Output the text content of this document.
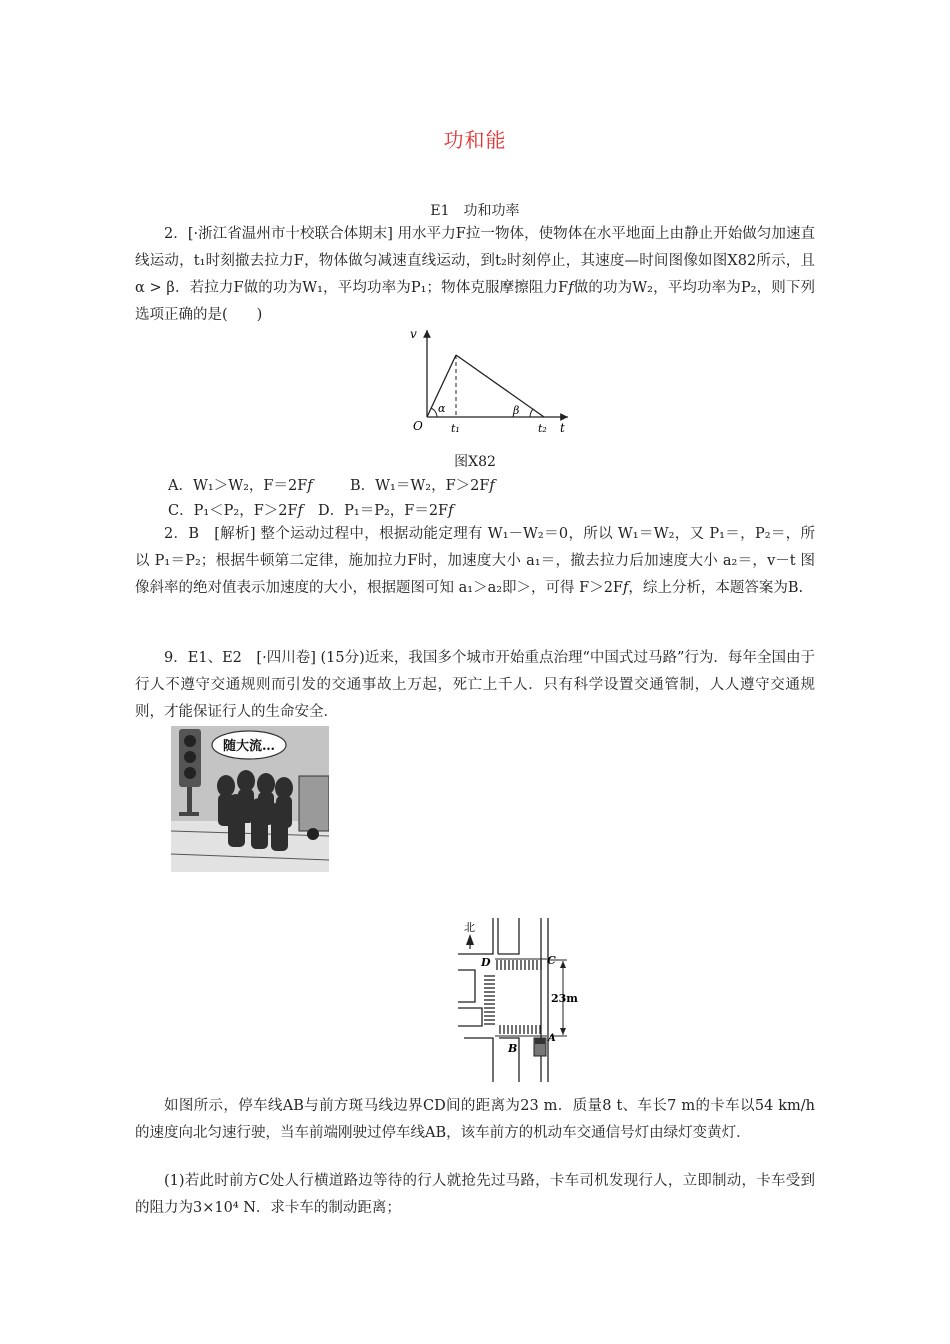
功和能
E1　功和功率

2．[·浙江省温州市十校联合体期末] 用水平力F拉一物体，使物体在水平地面上由静止开始做匀加速直线运动，t₁时刻撤去拉力F，物体做匀减速直线运动，到t₂时刻停止，其速度—时间图像如图X82所示，且 α > β．若拉力F做的功为W₁，平均功率为P₁；物体克服摩擦阻力F𝑓做的功为W₂，平均功率为P₂，则下列选项正确的是(　　)

v
O
α	β
t₁	t₂ t
图X82
A．W₁＞W₂，F＝2F𝑓	B．W₁＝W₂，F＞2F𝑓
C．P₁＜P₂，F＞2F𝑓 D．P₁＝P₂，F＝2F𝑓

2．B　[解析] 整个运动过程中，根据动能定理有 W₁－W₂＝0，所以 W₁＝W₂，又 P₁＝，P₂＝，所以 P₁＝P₂；根据牛顿第二定律，施加拉力F时，加速度大小 a₁＝，撤去拉力后加速度大小 a₂＝，v－t 图像斜率的绝对值表示加速度的大小，根据题图可知 a₁＞a₂即＞，可得 F＞2F𝑓，综上分析，本题答案为B.

9．E1、E2　[·四川卷] (15分)近来，我国多个城市开始重点治理“中国式过马路”行为．每年全国由于行人不遵守交通规则而引发的交通事故上万起，死亡上千人．只有科学设置交通管制，人人遵守交通规则，才能保证行人的生命安全．

随大流…
北
D	C
B
A
23m

如图所示，停车线AB与前方斑马线边界CD间的距离为23 m．质量8 t、车长7 m的卡车以54 km/h的速度向北匀速行驶，当车前端刚驶过停车线AB，该车前方的机动车交通信号灯由绿灯变黄灯．

(1)若此时前方C处人行横道路边等待的行人就抢先过马路，卡车司机发现行人，立即制动，卡车受到的阻力为3×10⁴ N．求卡车的制动距离；
